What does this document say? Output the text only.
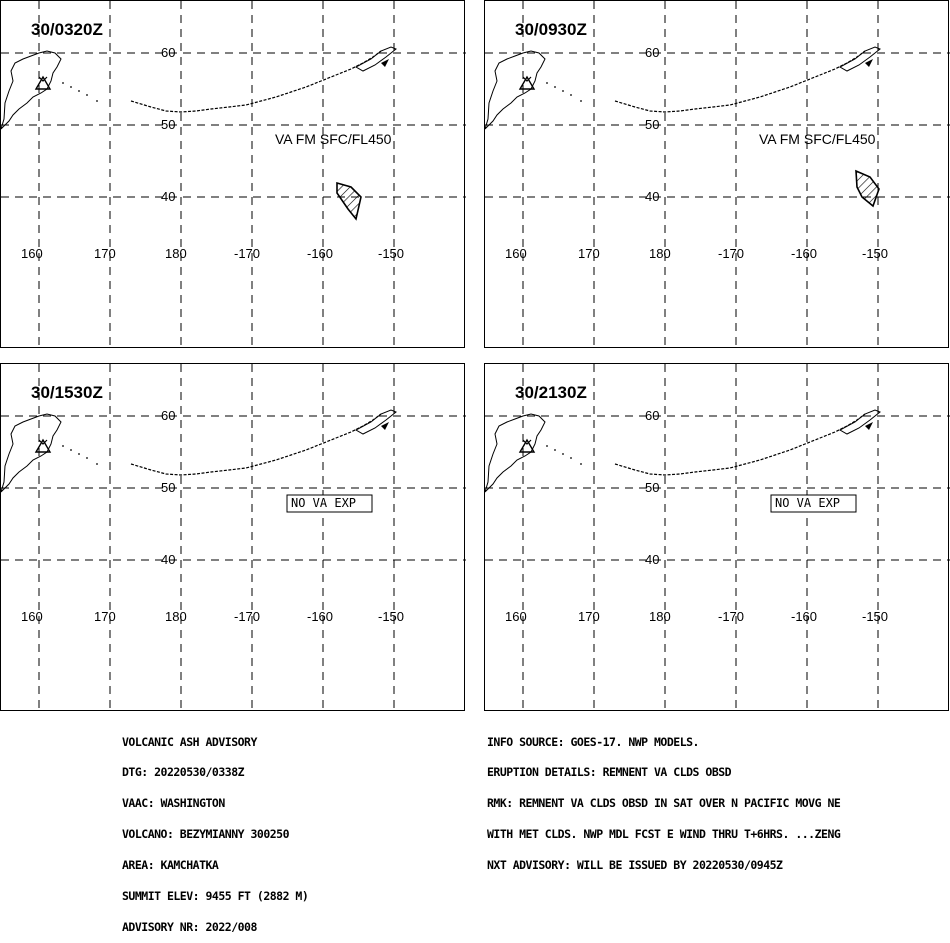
60
50
40
160	170	180	-170	-160	-150
30/0320Z
VA FM SFC/FL450
60
50
40
160	170	180	-170	-160	-150
30/0930Z
VA FM SFC/FL450
60
50
40
160	170	180	-170	-160	-150
30/1530Z
NO VA EXP
60
50
40
160	170	180	-170	-160	-150
30/2130Z
NO VA EXP

VOLCANIC ASH ADVISORY

DTG: 20220530/0338Z

VAAC: WASHINGTON

VOLCANO: BEZYMIANNY 300250

AREA: KAMCHATKA

SUMMIT ELEV: 9455 FT (2882 M)

ADVISORY NR: 2022/008

INFO SOURCE: GOES-17. NWP MODELS.

ERUPTION DETAILS: REMNENT VA CLDS OBSD

RMK: REMNENT VA CLDS OBSD IN SAT OVER N PACIFIC MOVG NE

WITH MET CLDS. NWP MDL FCST E WIND THRU T+6HRS. ...ZENG

NXT ADVISORY: WILL BE ISSUED BY 20220530/0945Z
